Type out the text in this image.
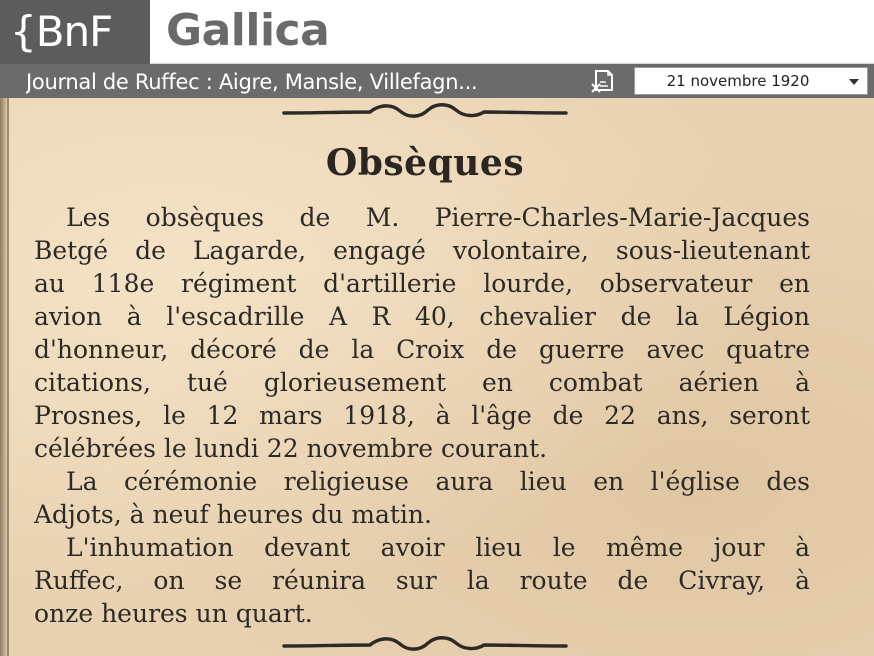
{BnF	Gallica
Journal de Ruffec : Aigre, Mansle, Villefagn...	21 novembre 1920
Obsèques
Les obsèques de M. Pierre-Charles-Marie-Jacques
Betgé de Lagarde, engagé volontaire, sous-lieutenant
au 118e régiment d'artillerie lourde, observateur en
avion à l'escadrille A R 40, chevalier de la Légion
d'honneur, décoré de la Croix de guerre avec quatre
citations, tué glorieusement en combat aérien à
Prosnes, le 12 mars 1918, à l'âge de 22 ans, seront
célébrées le lundi 22 novembre courant.
La cérémonie religieuse aura lieu en l'église des
Adjots, à neuf heures du matin.
L'inhumation devant avoir lieu le même jour à
Ruffec, on se réunira sur la route de Civray, à
onze heures un quart.
